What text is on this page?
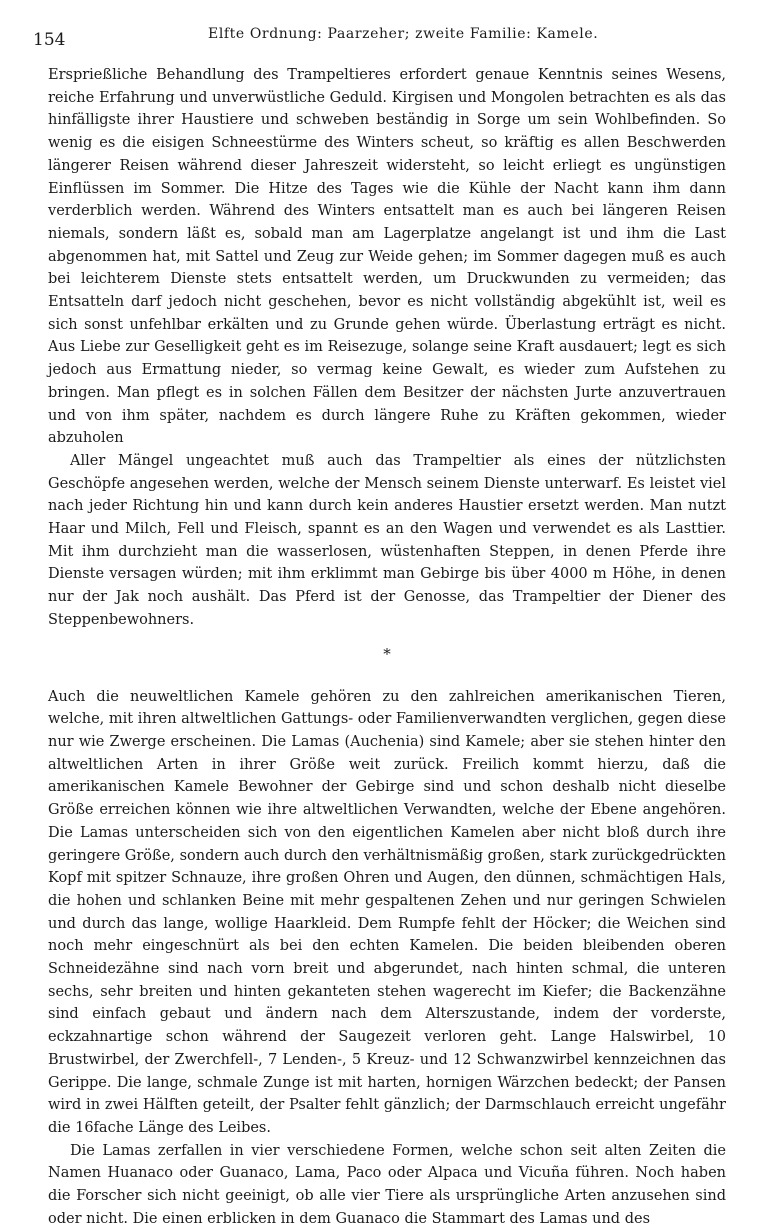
154	Elfte Ordnung: Paarzeher; zweite Familie: Kamele.

Ersprießliche Behandlung des Trampeltieres erfordert genaue Kenntnis seines Wesens, reiche Erfahrung und unverwüstliche Geduld. Kirgisen und Mongolen betrachten es als das hinfälligste ihrer Haustiere und schweben beständig in Sorge um sein Wohlbefinden. So wenig es die eisigen Schneestürme des Winters scheut, so kräftig es allen Beschwerden längerer Reisen während dieser Jahreszeit widersteht, so leicht erliegt es ungünstigen Einflüssen im Sommer. Die Hitze des Tages wie die Kühle der Nacht kann ihm dann verderblich werden. Während des Winters entsattelt man es auch bei längeren Reisen niemals, sondern läßt es, sobald man am Lagerplatze angelangt ist und ihm die Last abgenommen hat, mit Sattel und Zeug zur Weide gehen; im Sommer dagegen muß es auch bei leichterem Dienste stets entsattelt werden, um Druckwunden zu vermeiden; das Entsatteln darf jedoch nicht geschehen, bevor es nicht vollständig abgekühlt ist, weil es sich sonst unfehlbar erkälten und zu Grunde gehen würde. Überlastung erträgt es nicht. Aus Liebe zur Geselligkeit geht es im Reisezuge, solange seine Kraft ausdauert; legt es sich jedoch aus Ermattung nieder, so vermag keine Gewalt, es wieder zum Aufstehen zu bringen. Man pflegt es in solchen Fällen dem Besitzer der nächsten Jurte anzuvertrauen und von ihm später, nachdem es durch längere Ruhe zu Kräften gekommen, wieder abzuholen

Aller Mängel ungeachtet muß auch das Trampeltier als eines der nützlichsten Geschöpfe angesehen werden, welche der Mensch seinem Dienste unterwarf. Es leistet viel nach jeder Richtung hin und kann durch kein anderes Haustier ersetzt werden. Man nutzt Haar und Milch, Fell und Fleisch, spannt es an den Wagen und verwendet es als Lasttier. Mit ihm durchzieht man die wasserlosen, wüstenhaften Steppen, in denen Pferde ihre Dienste versagen würden; mit ihm erklimmt man Gebirge bis über 4000 m Höhe, in denen nur der Jak noch aushält. Das Pferd ist der Genosse, das Trampeltier der Diener des Steppenbewohners.

*

Auch die neuweltlichen Kamele gehören zu den zahlreichen amerikanischen Tieren, welche, mit ihren altweltlichen Gattungs- oder Familienverwandten verglichen, gegen diese nur wie Zwerge erscheinen. Die Lamas (Auchenia) sind Kamele; aber sie stehen hinter den altweltlichen Arten in ihrer Größe weit zurück. Freilich kommt hierzu, daß die amerikanischen Kamele Bewohner der Gebirge sind und schon deshalb nicht dieselbe Größe erreichen können wie ihre altweltlichen Verwandten, welche der Ebene angehören. Die Lamas unterscheiden sich von den eigentlichen Kamelen aber nicht bloß durch ihre geringere Größe, sondern auch durch den verhältnismäßig großen, stark zurückgedrückten Kopf mit spitzer Schnauze, ihre großen Ohren und Augen, den dünnen, schmächtigen Hals, die hohen und schlanken Beine mit mehr gespaltenen Zehen und nur geringen Schwielen und durch das lange, wollige Haarkleid. Dem Rumpfe fehlt der Höcker; die Weichen sind noch mehr eingeschnürt als bei den echten Kamelen. Die beiden bleibenden oberen Schneidezähne sind nach vorn breit und abgerundet, nach hinten schmal, die unteren sechs, sehr breiten und hinten gekanteten stehen wagerecht im Kiefer; die Backenzähne sind einfach gebaut und ändern nach dem Alterszustande, indem der vorderste, eckzahnartige schon während der Saugezeit verloren geht. Lange Halswirbel, 10 Brustwirbel, der Zwerchfell-, 7 Lenden-, 5 Kreuz- und 12 Schwanzwirbel kennzeichnen das Gerippe. Die lange, schmale Zunge ist mit harten, hornigen Wärzchen bedeckt; der Pansen wird in zwei Hälften geteilt, der Psalter fehlt gänzlich; der Darmschlauch erreicht ungefähr die 16fache Länge des Leibes.

Die Lamas zerfallen in vier verschiedene Formen, welche schon seit alten Zeiten die Namen Huanaco oder Guanaco, Lama, Paco oder Alpaca und Vicuña führen. Noch haben die Forscher sich nicht geeinigt, ob alle vier Tiere als ursprüngliche Arten anzusehen sind oder nicht. Die einen erblicken in dem Guanaco die Stammart des Lamas und des
